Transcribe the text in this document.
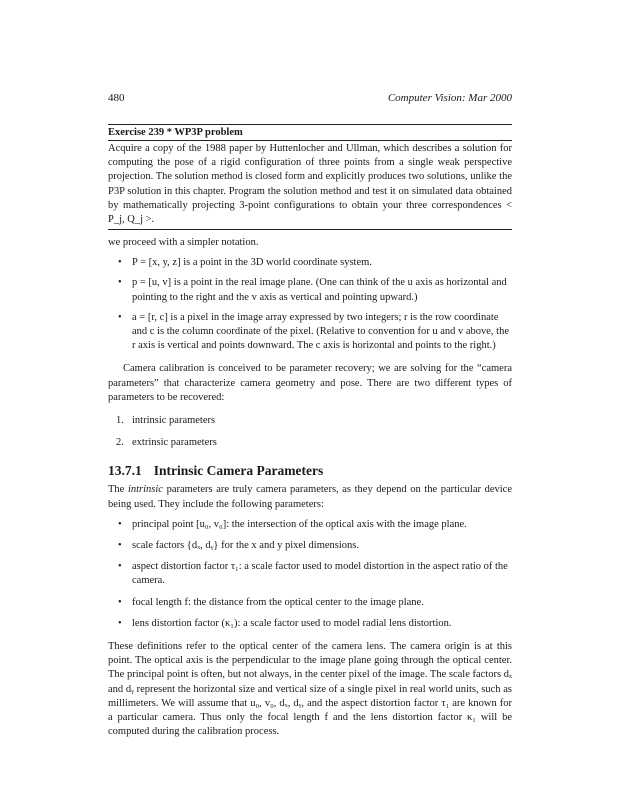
480	Computer Vision: Mar 2000
Exercise 239 * WP3P problem
Acquire a copy of the 1988 paper by Huttenlocher and Ullman, which describes a solution for computing the pose of a rigid configuration of three points from a single weak perspective projection. The solution method is closed form and explicitly produces two solutions, unlike the P3P solution in this chapter. Program the solution method and test it on simulated data obtained by mathematically projecting 3-point configurations to obtain your three correspondences < P_j, Q_j >.

we proceed with a simpler notation.

• P = [x, y, z] is a point in the 3D world coordinate system.
• p = [u, v] is a point in the real image plane. (One can think of the u axis as horizontal and pointing to the right and the v axis as vertical and pointing upward.)
• a = [r, c] is a pixel in the image array expressed by two integers; r is the row coordinate and c is the column coordinate of the pixel. (Relative to convention for u and v above, the r axis is vertical and points downward. The c axis is horizontal and points to the right.)

Camera calibration is conceived to be parameter recovery; we are solving for the “camera parameters” that characterize camera geometry and pose. There are two different types of parameters to be recovered:

1. intrinsic parameters
2. extrinsic parameters
13.7.1 Intrinsic Camera Parameters

The intrinsic parameters are truly camera parameters, as they depend on the particular device being used. They include the following parameters:

• principal point [u₀, v₀]: the intersection of the optical axis with the image plane.
• scale factors {dₓ, dᵧ} for the x and y pixel dimensions.
• aspect distortion factor τ₁: a scale factor used to model distortion in the aspect ratio of the camera.
• focal length f: the distance from the optical center to the image plane.
• lens distortion factor (κ₁): a scale factor used to model radial lens distortion.

These definitions refer to the optical center of the camera lens. The camera origin is at this point. The optical axis is the perpendicular to the image plane going through the optical center. The principal point is often, but not always, in the center pixel of the image. The scale factors dₓ and dᵧ represent the horizontal size and vertical size of a single pixel in real world units, such as millimeters. We will assume that u₀, v₀, dₓ, dᵧ, and the aspect distortion factor τ₁ are known for a particular camera. Thus only the focal length f and the lens distortion factor κ₁ will be computed during the calibration process.
